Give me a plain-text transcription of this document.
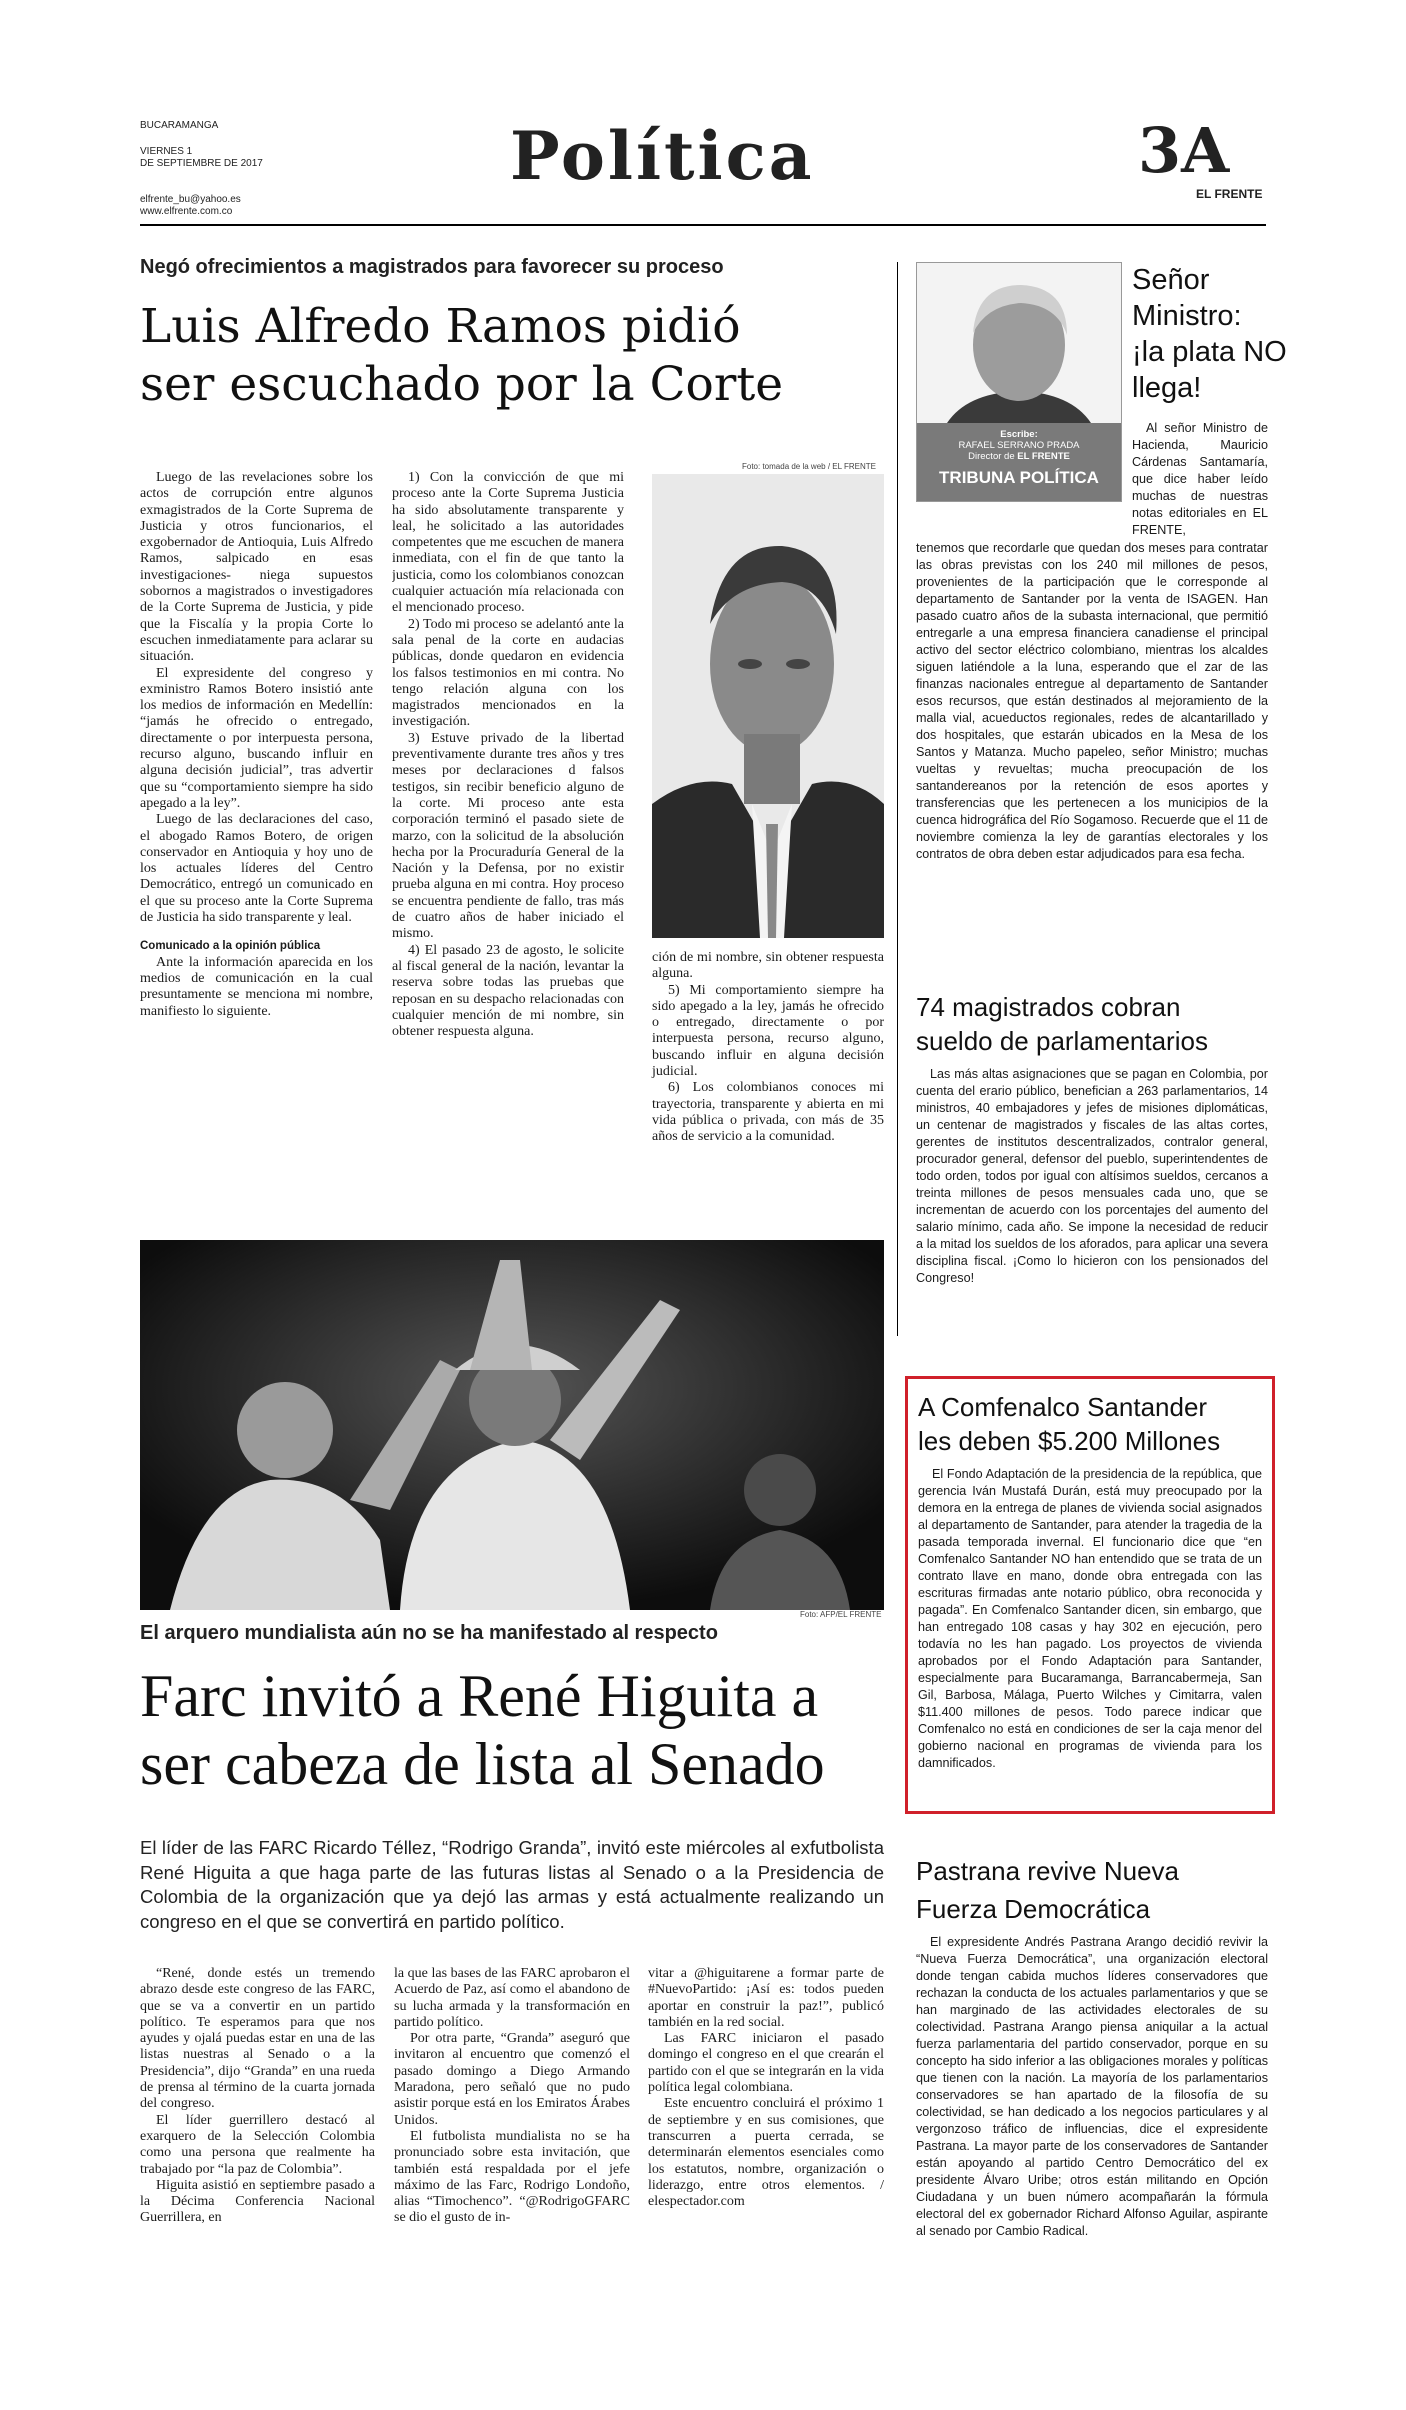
BUCARAMANGA
VIERNES 1
DE SEPTIEMBRE DE 2017
elfrente_bu@yahoo.es
www.elfrente.com.co
Política	3A
EL FRENTE
Negó ofrecimientos a magistrados para favorecer su proceso
Luis Alfredo Ramos pidió
ser escuchado por la Corte

Luego de las revelaciones sobre los actos de corrupción entre algunos exmagistrados de la Corte Suprema de Justicia y otros funcionarios, el exgobernador de Antioquia, Luis Alfredo Ramos, salpicado en esas investigaciones- niega supuestos sobornos a magistrados o investigadores de la Corte Suprema de Justicia, y pide que la Fiscalía y la propia Corte lo escuchen inmediatamente para aclarar su situación.

El expresidente del congreso y exministro Ramos Botero insistió ante los medios de información en Medellín: “jamás he ofrecido o entregado, directamente o por interpuesta persona, recurso alguno, buscando influir en alguna decisión judicial”, tras advertir que su “comportamiento siempre ha sido apegado a la ley”.

Luego de las declaraciones del caso, el abogado Ramos Botero, de origen conservador en Antioquia y hoy uno de los actuales líderes del Centro Democrático, entregó un comunicado en el que su proceso ante la Corte Suprema de Justicia ha sido transparente y leal.

Comunicado a la opinión pública

Ante la información aparecida en los medios de comunicación en la cual presuntamente se menciona mi nombre, manifiesto lo siguiente.

1) Con la convicción de que mi proceso ante la Corte Suprema Justicia ha sido absolutamente transparente y leal, he solicitado a las autoridades competentes que me escuchen de manera inmediata, con el fin de que tanto la justicia, como los colombianos conozcan cualquier actuación mía relacionada con el mencionado proceso.

2) Todo mi proceso se adelantó ante la sala penal de la corte en audacias públicas, donde quedaron en evidencia los falsos testimonios en mi contra. No tengo relación alguna con los magistrados mencionados en la investigación.

3) Estuve privado de la libertad preventivamente durante tres años y tres meses por declaraciones d falsos testigos, sin recibir beneficio alguno de la corte. Mi proceso ante esta corporación terminó el pasado siete de marzo, con la solicitud de la absolución hecha por la Procuraduría General de la Nación y la Defensa, por no existir prueba alguna en mi contra. Hoy proceso se encuentra pendiente de fallo, tras más de cuatro años de haber iniciado el mismo.

4) El pasado 23 de agosto, le solicite al fiscal general de la nación, levantar la reserva sobre todas las pruebas que reposan en su despacho relacionadas con cualquier mención de mi nombre, sin obtener respuesta alguna.

Foto: tomada de la web / EL FRENTE
ción de mi nombre, sin obtener respuesta alguna.

5) Mi comportamiento siempre ha sido apegado a la ley, jamás he ofrecido o entregado, directamente o por interpuesta persona, recurso alguno, buscando influir en alguna decisión judicial.

6) Los colombianos conoces mi trayectoria, transparente y abierta en mi vida pública o privada, con más de 35 años de servicio a la comunidad.

Foto: AFP/EL FRENTE
El arquero mundialista aún no se ha manifestado al respecto
Farc invitó a René Higuita a
ser cabeza de lista al Senado
El líder de las FARC Ricardo Téllez, “Rodrigo Granda”, invitó este miércoles al exfutbolista René Higuita a que haga parte de las futuras listas al Senado o a la Presidencia de Colombia de la organización que ya dejó las armas y está actualmente realizando un congreso en el que se convertirá en partido político.

“René, donde estés un tremendo abrazo desde este congreso de las FARC, que se va a convertir en un partido político. Te esperamos para que nos ayudes y ojalá puedas estar en una de las listas nuestras al Senado o a la Presidencia”, dijo “Granda” en una rueda de prensa al término de la cuarta jornada del congreso.

El líder guerrillero destacó al exarquero de la Selección Colombia como una persona que realmente ha trabajado por “la paz de Colombia”.

Higuita asistió en septiembre pasado a la Décima Conferencia Nacional Guerrillera, en

la que las bases de las FARC aprobaron el Acuerdo de Paz, así como el abandono de su lucha armada y la transformación en partido político.

Por otra parte, “Granda” aseguró que invitaron al encuentro que comenzó el pasado domingo a Diego Armando Maradona, pero señaló que no pudo asistir porque está en los Emiratos Árabes Unidos.

El futbolista mundialista no se ha pronunciado sobre esta invitación, que también está respaldada por el jefe máximo de las Farc, Rodrigo Londoño, alias “Timochenco”. “@RodrigoGFARC se dio el gusto de in-

vitar a @higuitarene a formar parte de #NuevoPartido: ¡Así es: todos pueden aportar en construir la paz!”, publicó también en la red social.

Las FARC iniciaron el pasado domingo el congreso en el que crearán el partido con el que se integrarán en la vida política legal colombiana.

Este encuentro concluirá el próximo 1 de septiembre y en sus comisiones, que transcurren a puerta cerrada, se determinarán elementos esenciales como los estatutos, nombre, organización o liderazgo, entre otros elementos. / elespectador.com

Escribe:
RAFAEL SERRANO PRADA
Director de EL FRENTE
TRIBUNA POLÍTICA
Señor
Ministro:
¡la plata NO
llega!
Al señor Ministro de Hacienda, Mauricio Cárdenas Santamaría, que dice haber leído muchas de nuestras notas editoriales en EL FRENTE,
tenemos que recordarle que quedan dos meses para contratar las obras previstas con los 240 mil millones de pesos, provenientes de la participación que le corresponde al departamento de Santander por la venta de ISAGEN. Han pasado cuatro años de la subasta internacional, que permitió entregarle a una empresa financiera canadiense el principal activo del sector eléctrico colombiano, mientras los alcaldes siguen latiéndole a la luna, esperando que el zar de las finanzas nacionales entregue al departamento de Santander esos recursos, que están destinados al mejoramiento de la malla vial, acueductos regionales, redes de alcantarillado y dos hospitales, que estarán ubicados en la Mesa de los Santos y Matanza. Mucho papeleo, señor Ministro; muchas vueltas y revueltas; mucha preocupación de los santandereanos por la retención de esos aportes y transferencias que les pertenecen a los municipios de la cuenca hidrográfica del Río Sogamoso. Recuerde que el 11 de noviembre comienza la ley de garantías electorales y los contratos de obra deben estar adjudicados para esa fecha.
74 magistrados cobran
sueldo de parlamentarios

Las más altas asignaciones que se pagan en Colombia, por cuenta del erario público, benefician a 263 parlamentarios, 14 ministros, 40 embajadores y jefes de misiones diplomáticas, un centenar de magistrados y fiscales de las altas cortes, gerentes de institutos descentralizados, contralor general, procurador general, defensor del pueblo, superintendentes de todo orden, todos por igual con altísimos sueldos, cercanos a treinta millones de pesos mensuales cada uno, que se incrementan de acuerdo con los porcentajes del aumento del salario mínimo, cada año. Se impone la necesidad de reducir a la mitad los sueldos de los aforados, para aplicar una severa disciplina fiscal. ¡Como lo hicieron con los pensionados del Congreso!

A Comfenalco Santander
les deben $5.200 Millones

El Fondo Adaptación de la presidencia de la república, que gerencia Iván Mustafá Durán, está muy preocupado por la demora en la entrega de planes de vivienda social asignados al departamento de Santander, para atender la tragedia de la pasada temporada invernal. El funcionario dice que “en Comfenalco Santander NO han entendido que se trata de un contrato llave en mano, donde obra entregada con las escrituras firmadas ante notario público, obra reconocida y pagada”. En Comfenalco Santander dicen, sin embargo, que han entregado 108 casas y hay 302 en ejecución, pero todavía no les han pagado. Los proyectos de vivienda aprobados por el Fondo Adaptación para Santander, especialmente para Bucaramanga, Barrancabermeja, San Gil, Barbosa, Málaga, Puerto Wilches y Cimitarra, valen $11.400 millones de pesos. Todo parece indicar que Comfenalco no está en condiciones de ser la caja menor del gobierno nacional en programas de vivienda para los damnificados.

Pastrana revive Nueva
Fuerza Democrática

El expresidente Andrés Pastrana Arango decidió revivir la “Nueva Fuerza Democrática”, una organización electoral donde tengan cabida muchos líderes conservadores que rechazan la conducta de los actuales parlamentarios y que se han marginado de las actividades electorales de su colectividad. Pastrana Arango piensa aniquilar a la actual fuerza parlamentaria del partido conservador, porque en su concepto ha sido inferior a las obligaciones morales y políticas que tienen con la nación. La mayoría de los parlamentarios conservadores se han apartado de la filosofía de su colectividad, se han dedicado a los negocios particulares y al vergonzoso tráfico de influencias, dice el expresidente Pastrana. La mayor parte de los conservadores de Santander están apoyando al partido Centro Democrático del ex presidente Álvaro Uribe; otros están militando en Opción Ciudadana y un buen número acompañarán la fórmula electoral del ex gobernador Richard Alfonso Aguilar, aspirante al senado por Cambio Radical.
